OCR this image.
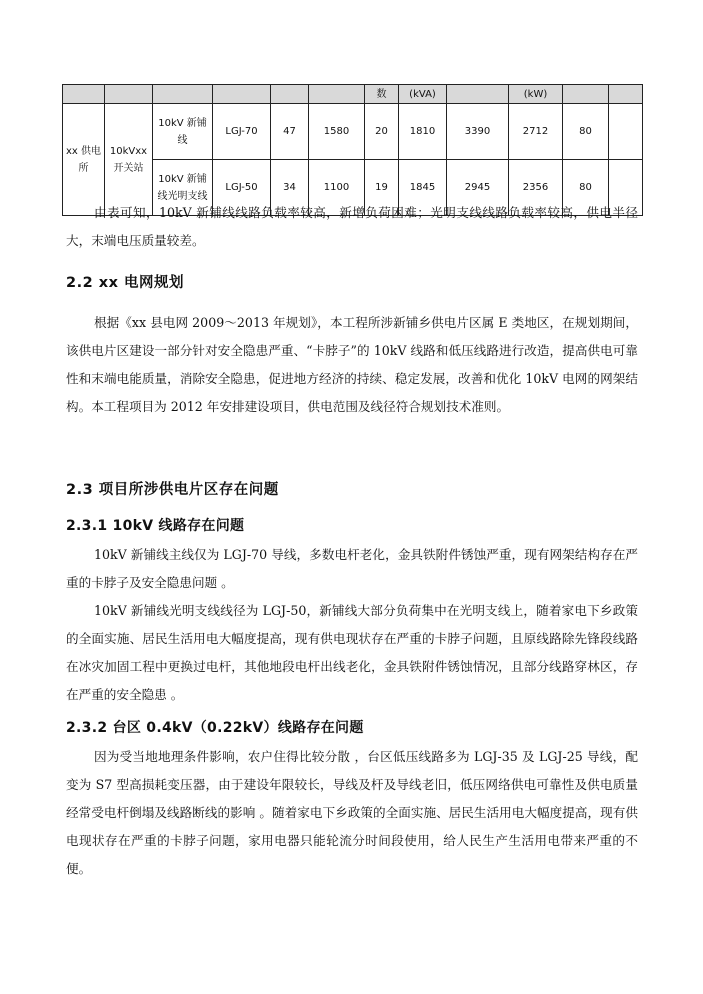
						数	(kVA)		(kW)		
xx 供电所	10kVxx 开关站	10kV 新铺线	LGJ-70	47	1580	20	1810	3390	2712	80	
		10kV 新铺线光明支线	LGJ-50	34	1100	19	1845	2945	2356	80	
由表可知，10kV 新铺线线路负载率较高，新增负荷困难；光明支线线路负载率较高，供电半径大，末端电压质量较差。
2.2 xx 电网规划
根据《xx 县电网 2009～2013 年规划》，本工程所涉新铺乡供电片区属 E 类地区，在规划期间，该供电片区建设一部分针对安全隐患严重、“卡脖子”的 10kV 线路和低压线路进行改造，提高供电可靠性和末端电能质量，消除安全隐患，促进地方经济的持续、稳定发展，改善和优化 10kV 电网的网架结构。本工程项目为 2012 年安排建设项目，供电范围及线径符合规划技术准则。
2.3 项目所涉供电片区存在问题
2.3.1 10kV 线路存在问题
10kV 新铺线主线仅为 LGJ-70 导线，多数电杆老化，金具铁附件锈蚀严重，现有网架结构存在严重的卡脖子及安全隐患问题 。
10kV 新铺线光明支线线径为 LGJ-50，新铺线大部分负荷集中在光明支线上，随着家电下乡政策的全面实施、居民生活用电大幅度提高，现有供电现状存在严重的卡脖子问题，且原线路除先锋段线路在冰灾加固工程中更换过电杆，其他地段电杆出线老化，金具铁附件锈蚀情况，且部分线路穿林区，存在严重的安全隐患 。
2.3.2 台区 0.4kV（0.22kV）线路存在问题
因为受当地地理条件影响，农户住得比较分散 ，台区低压线路多为 LGJ-35 及 LGJ-25 导线，配变为 S7 型高损耗变压器，由于建设年限较长，导线及杆及导线老旧，低压网络供电可靠性及供电质量经常受电杆倒塌及线路断线的影响 。随着家电下乡政策的全面实施、居民生活用电大幅度提高，现有供电现状存在严重的卡脖子问题，家用电器只能轮流分时间段使用，给人民生产生活用电带来严重的不便。
